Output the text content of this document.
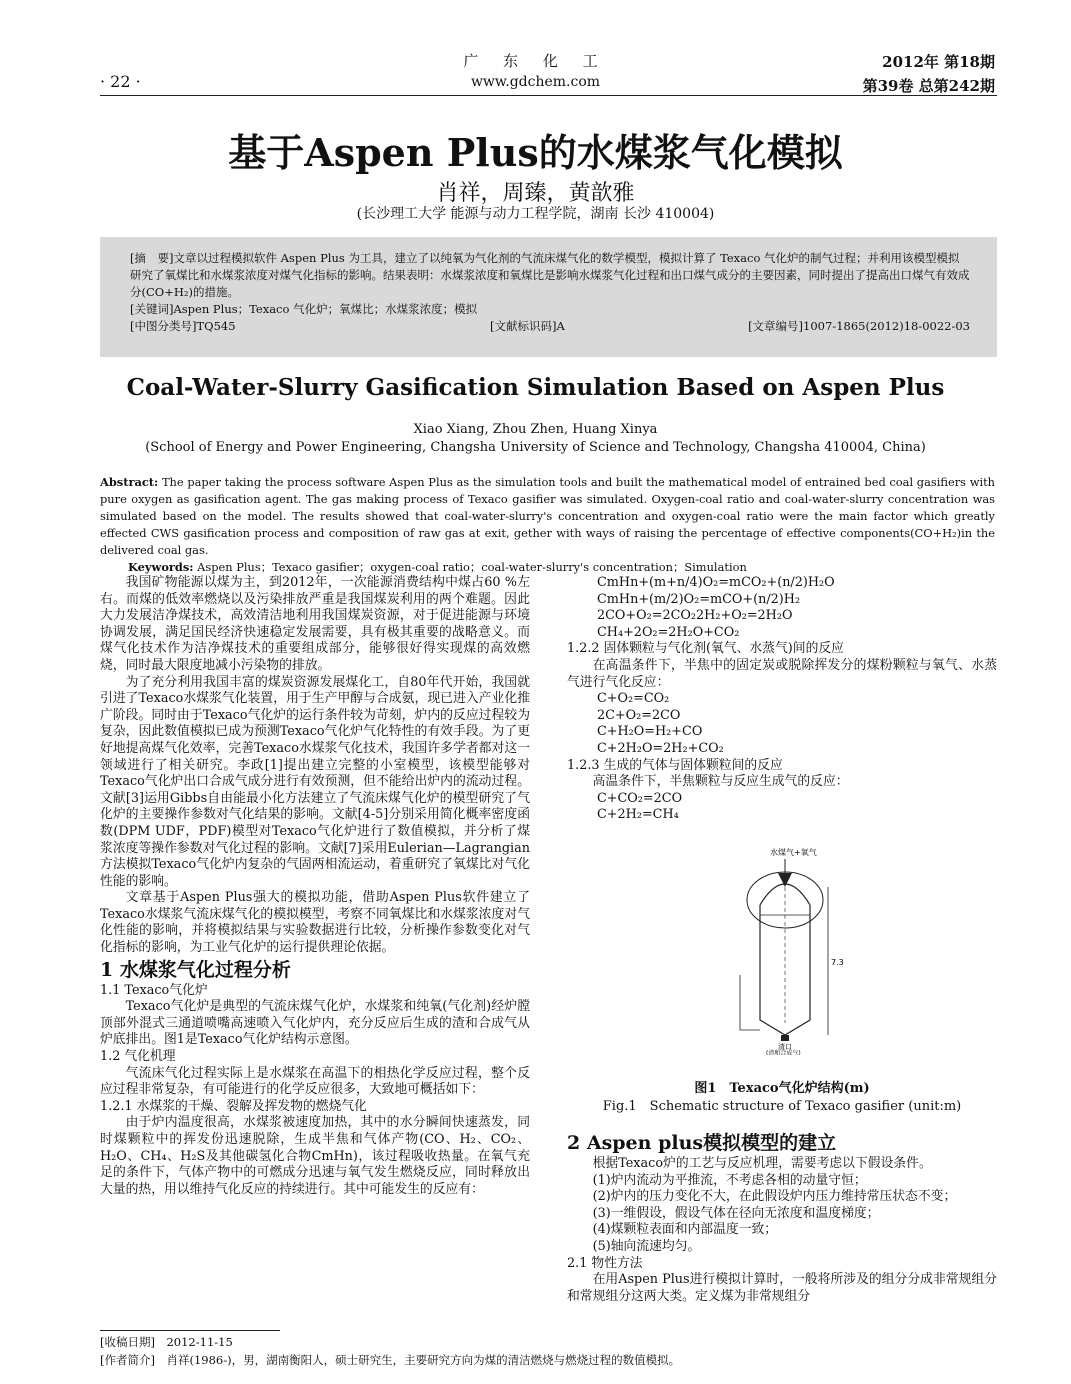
· 22 ·
广 东 化 工
www.gdchem.com
2012年 第18期
第39卷 总第242期
基于Aspen Plus的水煤浆气化模拟
肖祥，周臻，黄歆雅
(长沙理工大学 能源与动力工程学院，湖南 长沙 410004)

[摘　要]文章以过程模拟软件 Aspen Plus 为工具，建立了以纯氧为气化剂的气流床煤气化的数学模型，模拟计算了 Texaco 气化炉的制气过程；并利用该模型模拟研究了氧煤比和水煤浆浓度对煤气化指标的影响。结果表明：水煤浆浓度和氧煤比是影响水煤浆气化过程和出口煤气成分的主要因素，同时提出了提高出口煤气有效成分(CO+H₂)的措施。

[关键词]Aspen Plus；Texaco 气化炉；氧煤比；水煤浆浓度；模拟

[中图分类号]TQ545	[文献标识码]A	[文章编号]1007-1865(2012)18-0022-03
Coal-Water-Slurry Gasification Simulation Based on Aspen Plus
Xiao Xiang, Zhou Zhen, Huang Xinya
(School of Energy and Power Engineering, Changsha University of Science and Technology, Changsha 410004, China)

Abstract: The paper taking the process software Aspen Plus as the simulation tools and built the mathematical model of entrained bed coal gasifiers with pure oxygen as gasification agent. The gas making process of Texaco gasifier was simulated. Oxygen-coal ratio and coal-water-slurry concentration was simulated based on the model. The results showed that coal-water-slurry's concentration and oxygen-coal ratio were the main factor which greatly effected CWS gasification process and composition of raw gas at exit, gether with ways of raising the percentage of effective components(CO+H₂)in the delivered coal gas.

Keywords: Aspen Plus；Texaco gasifier；oxygen-coal ratio；coal-water-slurry's concentration；Simulation

我国矿物能源以煤为主，到2012年，一次能源消费结构中煤占60 %左右。而煤的低效率燃烧以及污染排放严重是我国煤炭利用的两个难题。因此大力发展洁净煤技术，高效清洁地利用我国煤炭资源，对于促进能源与环境协调发展，满足国民经济快速稳定发展需要，具有极其重要的战略意义。而煤气化技术作为洁净煤技术的重要组成部分，能够很好得实现煤的高效燃烧，同时最大限度地减小污染物的排放。

为了充分利用我国丰富的煤炭资源发展煤化工，自80年代开始，我国就引进了Texaco水煤浆气化装置，用于生产甲醇与合成氨，现已进入产业化推广阶段。同时由于Texaco气化炉的运行条件较为苛刻，炉内的反应过程较为复杂，因此数值模拟已成为预测Texaco气化炉气化特性的有效手段。为了更好地提高煤气化效率，完善Texaco水煤浆气化技术，我国许多学者都对这一领域进行了相关研究。李政[1]提出建立完整的小室模型，该模型能够对Texaco气化炉出口合成气成分进行有效预测，但不能给出炉内的流动过程。文献[3]运用Gibbs自由能最小化方法建立了气流床煤气化炉的模型研究了气化炉的主要操作参数对气化结果的影响。文献[4-5]分别采用简化概率密度函数(DPM UDF，PDF)模型对Texaco气化炉进行了数值模拟，并分析了煤浆浓度等操作参数对气化过程的影响。文献[7]采用Eulerian—Lagrangian方法模拟Texaco气化炉内复杂的气固两相流运动，着重研究了氧煤比对气化性能的影响。

文章基于Aspen Plus强大的模拟功能，借助Aspen Plus软件建立了Texaco水煤浆气流床煤气化的模拟模型，考察不同氧煤比和水煤浆浓度对气化性能的影响，并将模拟结果与实验数据进行比较，分析操作参数变化对气化指标的影响，为工业气化炉的运行提供理论依据。

1 水煤浆气化过程分析

1.1 Texaco气化炉

Texaco气化炉是典型的气流床煤气化炉，水煤浆和纯氧(气化剂)经炉膛顶部外混式三通道喷嘴高速喷入气化炉内，充分反应后生成的渣和合成气从炉底排出。图1是Texaco气化炉结构示意图。

1.2 气化机理

气流床气化过程实际上是水煤浆在高温下的相热化学反应过程，整个反应过程非常复杂，有可能进行的化学反应很多，大致地可概括如下：

1.2.1 水煤浆的干燥、裂解及挥发物的燃烧气化

由于炉内温度很高，水煤浆被速度加热，其中的水分瞬间快速蒸发，同时煤颗粒中的挥发份迅速脱除，生成半焦和气体产物(CO、H₂、CO₂、H₂O、CH₄、H₂S及其他碳氢化合物CmHn)，该过程吸收热量。在氧气充足的条件下，气体产物中的可燃成分迅速与氧气发生燃烧反应，同时释放出大量的热，用以维持气化反应的持续进行。其中可能发生的反应有：

CmHn+(m+n/4)O₂=mCO₂+(n/2)H₂O

CmHn+(m/2)O₂=mCO+(n/2)H₂

2CO+O₂=2CO₂2H₂+O₂=2H₂O

CH₄+2O₂=2H₂O+CO₂

1.2.2 固体颗粒与气化剂(氧气、水蒸气)间的反应

在高温条件下，半焦中的固定炭或脱除挥发分的煤粉颗粒与氧气、水蒸气进行气化反应：

C+O₂=CO₂

2C+O₂=2CO

C+H₂O=H₂+CO

C+2H₂O=2H₂+CO₂

1.2.3 生成的气体与固体颗粒间的反应

高温条件下，半焦颗粒与反应生成气的反应：

C+CO₂=2CO

C+2H₂=CH₄

水煤气+氧气
7.3
渣口
(渣和合成气)
图1　Texaco气化炉结构(m)
Fig.1　Schematic structure of Texaco gasifier (unit:m)
2 Aspen plus模拟模型的建立

根据Texaco炉的工艺与反应机理，需要考虑以下假设条件。

(1)炉内流动为平推流，不考虑各相的动量守恒；

(2)炉内的压力变化不大，在此假设炉内压力维持常压状态不变；

(3)一维假设，假设气体在径向无浓度和温度梯度；

(4)煤颗粒表面和内部温度一致；

(5)轴向流速均匀。

2.1 物性方法

在用Aspen Plus进行模拟计算时，一般将所涉及的组分分成非常规组分和常规组分这两大类。定义煤为非常规组分

[收稿日期]　2012-11-15
[作者简介]　肖祥(1986-)，男，湖南衡阳人，硕士研究生，主要研究方向为煤的清洁燃烧与燃烧过程的数值模拟。
